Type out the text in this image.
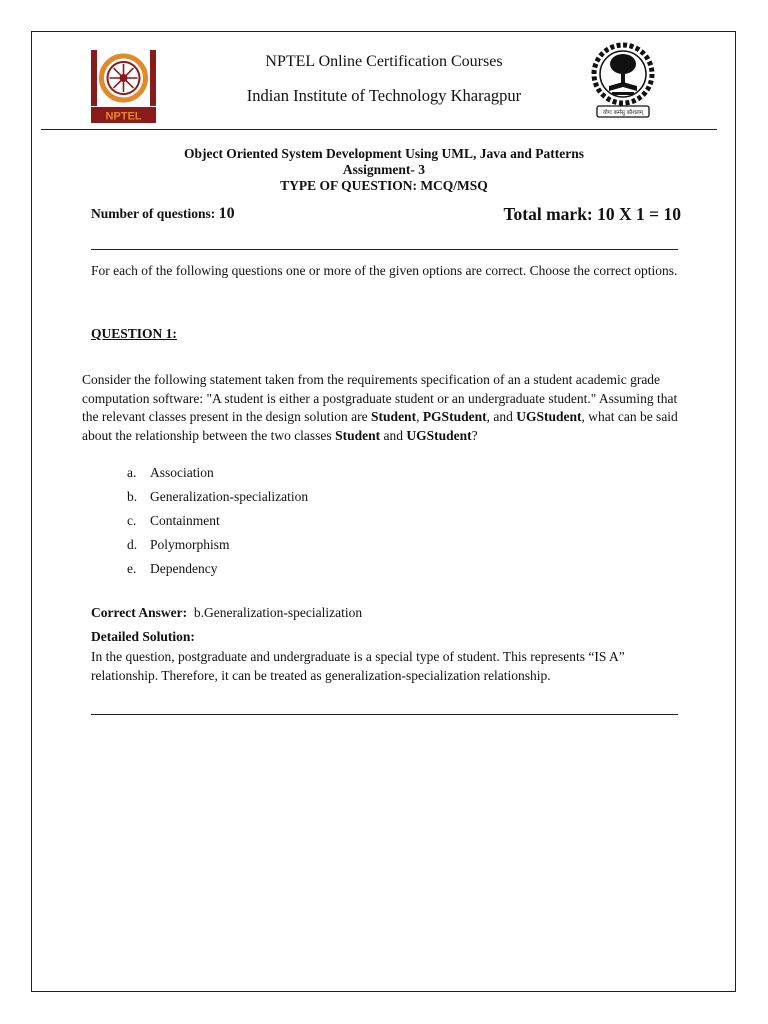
NPTEL	योगः कर्मसु कौशलम्
NPTEL Online Certification Courses
Indian Institute of Technology Kharagpur
Object Oriented System Development Using UML, Java and Patterns
Assignment- 3
TYPE OF QUESTION: MCQ/MSQ
Number of questions: 10	Total mark: 10 X 1 = 10
For each of the following questions one or more of the given options are correct. Choose the correct options.
QUESTION 1:
Consider the following statement taken from the requirements specification of an a student academic grade computation software: "A student is either a postgraduate student or an undergraduate student." Assuming that the relevant classes present in the design solution are Student, PGStudent, and UGStudent, what can be said about the relationship between the two classes Student and UGStudent?
a. Association
b. Generalization-specialization
c. Containment
d. Polymorphism
e. Dependency
Correct Answer: b.Generalization-specialization
Detailed Solution:
In the question, postgraduate and undergraduate is a special type of student. This represents “IS A” relationship. Therefore, it can be treated as generalization-specialization relationship.
